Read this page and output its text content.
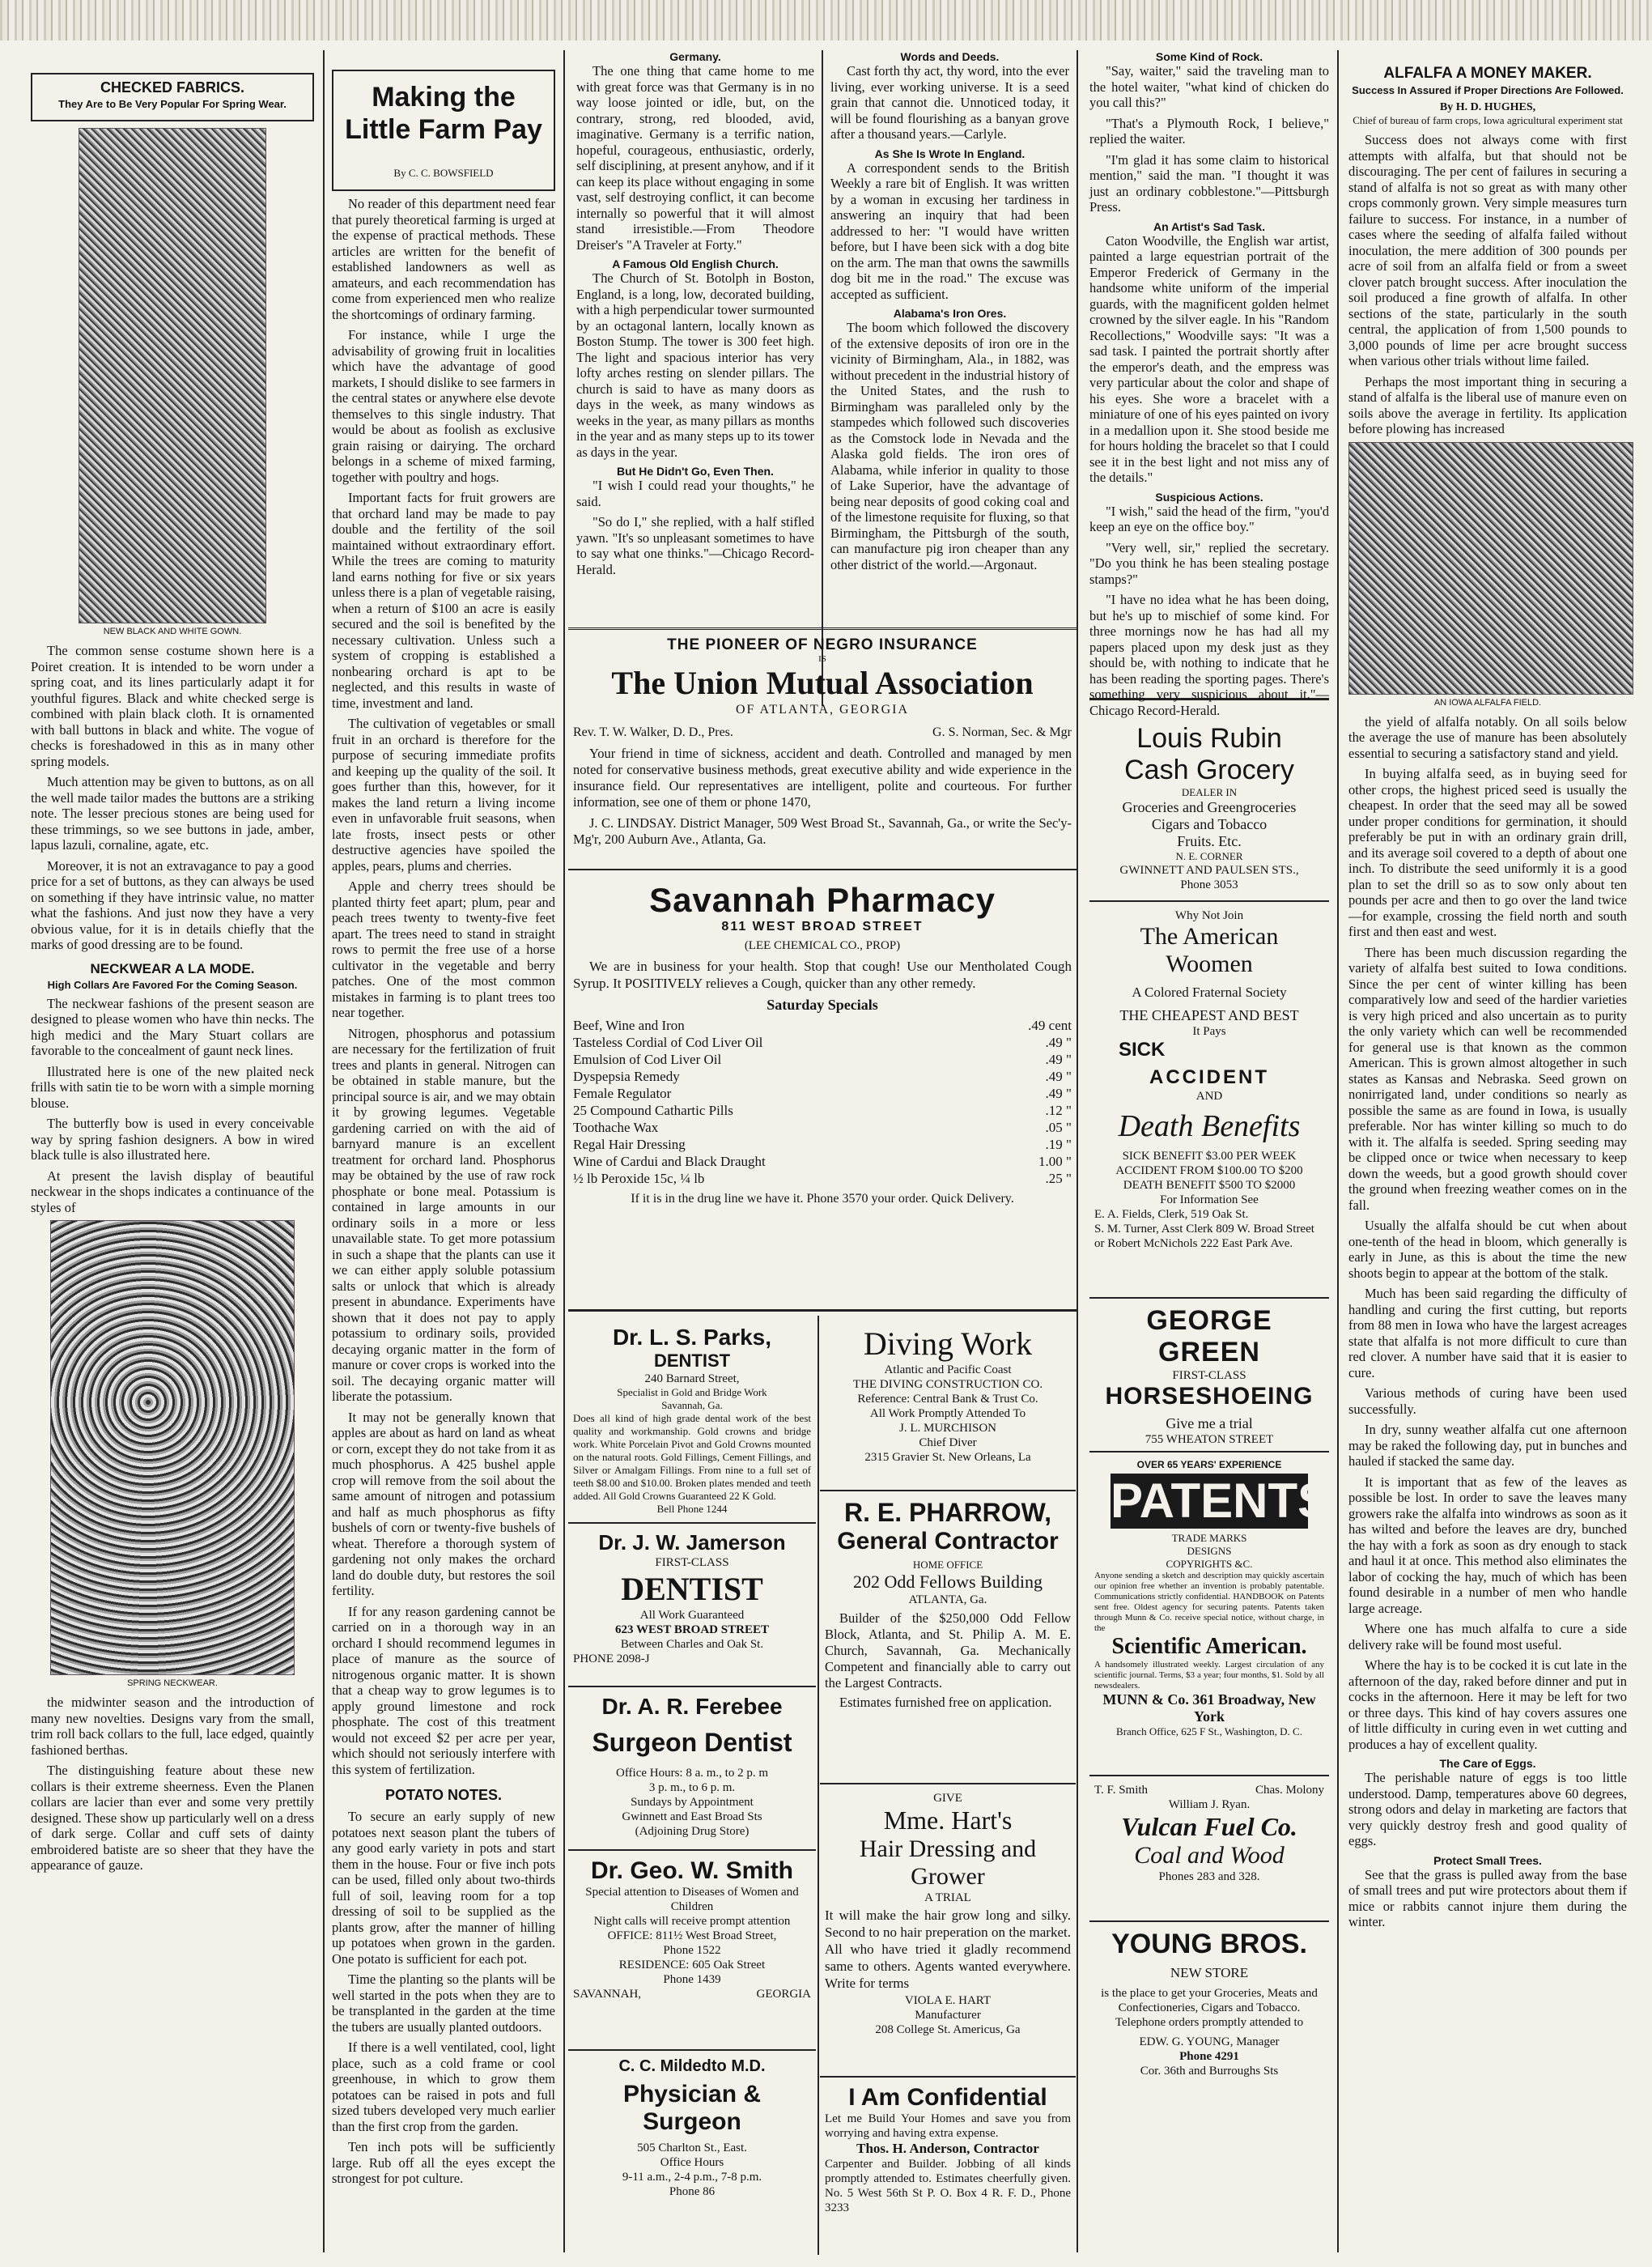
CHECKED FABRICS.
They Are to Be Very Popular For Spring Wear.
NEW BLACK AND WHITE GOWN.

The common sense costume shown here is a Poiret creation. It is intended to be worn under a spring coat, and its lines particularly adapt it for youthful figures. Black and white checked serge is combined with plain black cloth. It is ornamented with ball buttons in black and white. The vogue of checks is foreshadowed in this as in many other spring models.

Much attention may be given to buttons, as on all the well made tailor mades the buttons are a striking note. The lesser precious stones are being used for these trimmings, so we see buttons in jade, amber, lapus lazuli, cornaline, agate, etc.

Moreover, it is not an extravagance to pay a good price for a set of buttons, as they can always be used on something if they have intrinsic value, no matter what the fashions. And just now they have a very obvious value, for it is in details chiefly that the marks of good dressing are to be found.

NECKWEAR A LA MODE.
High Collars Are Favored For the Coming Season.

The neckwear fashions of the present season are designed to please women who have thin necks. The high medici and the Mary Stuart collars are favorable to the concealment of gaunt neck lines.

Illustrated here is one of the new plaited neck frills with satin tie to be worn with a simple morning blouse.

The butterfly bow is used in every conceivable way by spring fashion designers. A bow in wired black tulle is also illustrated here.

At present the lavish display of beautiful neckwear in the shops indicates a continuance of the styles of

SPRING NECKWEAR.

the midwinter season and the introduction of many new novelties. Designs vary from the small, trim roll back collars to the full, lace edged, quaintly fashioned berthas.

The distinguishing feature about these new collars is their extreme sheerness. Even the Planen collars are lacier than ever and some very prettily designed. These show up particularly well on a dress of dark serge. Collar and cuff sets of dainty embroidered batiste are so sheer that they have the appearance of gauze.

Making the Little Farm Pay
By C. C. BOWSFIELD

No reader of this department need fear that purely theoretical farming is urged at the expense of practical methods. These articles are written for the benefit of established landowners as well as amateurs, and each recommendation has come from experienced men who realize the shortcomings of ordinary farming.

For instance, while I urge the advisability of growing fruit in localities which have the advantage of good markets, I should dislike to see farmers in the central states or anywhere else devote themselves to this single industry. That would be about as foolish as exclusive grain raising or dairying. The orchard belongs in a scheme of mixed farming, together with poultry and hogs.

Important facts for fruit growers are that orchard land may be made to pay double and the fertility of the soil maintained without extraordinary effort. While the trees are coming to maturity land earns nothing for five or six years unless there is a plan of vegetable raising, when a return of $100 an acre is easily secured and the soil is benefited by the necessary cultivation. Unless such a system of cropping is established a nonbearing orchard is apt to be neglected, and this results in waste of time, investment and land.

The cultivation of vegetables or small fruit in an orchard is therefore for the purpose of securing immediate profits and keeping up the quality of the soil. It goes further than this, however, for it makes the land return a living income even in unfavorable fruit seasons, when late frosts, insect pests or other destructive agencies have spoiled the apples, pears, plums and cherries.

Apple and cherry trees should be planted thirty feet apart; plum, pear and peach trees twenty to twenty-five feet apart. The trees need to stand in straight rows to permit the free use of a horse cultivator in the vegetable and berry patches. One of the most common mistakes in farming is to plant trees too near together.

Nitrogen, phosphorus and potassium are necessary for the fertilization of fruit trees and plants in general. Nitrogen can be obtained in stable manure, but the principal source is air, and we may obtain it by growing legumes. Vegetable gardening carried on with the aid of barnyard manure is an excellent treatment for orchard land. Phosphorus may be obtained by the use of raw rock phosphate or bone meal. Potassium is contained in large amounts in our ordinary soils in a more or less unavailable state. To get more potassium in such a shape that the plants can use it we can either apply soluble potassium salts or unlock that which is already present in abundance. Experiments have shown that it does not pay to apply potassium to ordinary soils, provided decaying organic matter in the form of manure or cover crops is worked into the soil. The decaying organic matter will liberate the potassium.

It may not be generally known that apples are about as hard on land as wheat or corn, except they do not take from it as much phosphorus. A 425 bushel apple crop will remove from the soil about the same amount of nitrogen and potassium and half as much phosphorus as fifty bushels of corn or twenty-five bushels of wheat. Therefore a thorough system of gardening not only makes the orchard land do double duty, but restores the soil fertility.

If for any reason gardening cannot be carried on in a thorough way in an orchard I should recommend legumes in place of manure as the source of nitrogenous organic matter. It is shown that a cheap way to grow legumes is to apply ground limestone and rock phosphate. The cost of this treatment would not exceed $2 per acre per year, which should not seriously interfere with this system of fertilization.

POTATO NOTES.

To secure an early supply of new potatoes next season plant the tubers of any good early variety in pots and start them in the house. Four or five inch pots can be used, filled only about two-thirds full of soil, leaving room for a top dressing of soil to be supplied as the plants grow, after the manner of hilling up potatoes when grown in the garden. One potato is sufficient for each pot.

Time the planting so the plants will be well started in the pots when they are to be transplanted in the garden at the time the tubers are usually planted outdoors.

If there is a well ventilated, cool, light place, such as a cold frame or cool greenhouse, in which to grow them potatoes can be raised in pots and full sized tubers developed very much earlier than the first crop from the garden.

Ten inch pots will be sufficiently large. Rub off all the eyes except the strongest for pot culture.

Germany.

The one thing that came home to me with great force was that Germany is in no way loose jointed or idle, but, on the contrary, strong, red blooded, avid, imaginative. Germany is a terrific nation, hopeful, courageous, enthusiastic, orderly, self disciplining, at present anyhow, and if it can keep its place without engaging in some vast, self destroying conflict, it can become internally so powerful that it will almost stand irresistible.—From Theodore Dreiser's "A Traveler at Forty."

A Famous Old English Church.

The Church of St. Botolph in Boston, England, is a long, low, decorated building, with a high perpendicular tower surmounted by an octagonal lantern, locally known as Boston Stump. The tower is 300 feet high. The light and spacious interior has very lofty arches resting on slender pillars. The church is said to have as many doors as days in the week, as many windows as weeks in the year, as many pillars as months in the year and as many steps up to its tower as days in the year.

But He Didn't Go, Even Then.

"I wish I could read your thoughts," he said.

"So do I," she replied, with a half stifled yawn. "It's so unpleasant sometimes to have to say what one thinks."—Chicago Record-Herald.

Words and Deeds.

Cast forth thy act, thy word, into the ever living, ever working universe. It is a seed grain that cannot die. Unnoticed today, it will be found flourishing as a banyan grove after a thousand years.—Carlyle.

As She Is Wrote In England.

A correspondent sends to the British Weekly a rare bit of English. It was written by a woman in excusing her tardiness in answering an inquiry that had been addressed to her: "I would have written before, but I have been sick with a dog bite on the arm. The man that owns the sawmills dog bit me in the road." The excuse was accepted as sufficient.

Alabama's Iron Ores.

The boom which followed the discovery of the extensive deposits of iron ore in the vicinity of Birmingham, Ala., in 1882, was without precedent in the industrial history of the United States, and the rush to Birmingham was paralleled only by the stampedes which followed such discoveries as the Comstock lode in Nevada and the Alaska gold fields. The iron ores of Alabama, while inferior in quality to those of Lake Superior, have the advantage of being near deposits of good coking coal and of the limestone requisite for fluxing, so that Birmingham, the Pittsburgh of the south, can manufacture pig iron cheaper than any other district of the world.—Argonaut.

THE PIONEER OF NEGRO INSURANCE
IS
The Union Mutual Association
OF ATLANTA, GEORGIA
Rev. T. W. Walker, D. D., Pres.	G. S. Norman, Sec. & Mgr

Your friend in time of sickness, accident and death. Controlled and managed by men noted for conservative business methods, great executive ability and wide experience in the insurance field. Our representatives are intelligent, polite and courteous. For further information, see one of them or phone 1470,

J. C. LINDSAY. District Manager, 509 West Broad St., Savannah, Ga., or write the Sec'y-Mg'r, 200 Auburn Ave., Atlanta, Ga.

Savannah Pharmacy
811 WEST BROAD STREET
(LEE CHEMICAL CO., PROP)

We are in business for your health. Stop that cough! Use our Mentholated Cough Syrup. It POSITIVELY relieves a Cough, quicker than any other remedy.

Saturday Specials
Beef, Wine and Iron	.49 cent
Tasteless Cordial of Cod Liver Oil	.49 "
Emulsion of Cod Liver Oil	.49 "
Dyspepsia Remedy	.49 "
Female Regulator	.49 "
25 Compound Cathartic Pills	.12 "
Toothache Wax	.05 "
Regal Hair Dressing	.19 "
Wine of Cardui and Black Draught	1.00 "
½ lb Peroxide 15c, ¼ lb	.25 "
If it is in the drug line we have it. Phone 3570 your order. Quick Delivery.
Dr. L. S. Parks,
DENTIST
240 Barnard Street,
Specialist in Gold and Bridge Work
Savannah, Ga.
Does all kind of high grade dental work of the best quality and workmanship. Gold crowns and bridge work. White Porcelain Pivot and Gold Crowns mounted on the natural roots. Gold Fillings, Cement Fillings, and Silver or Amalgam Fillings. From nine to a full set of teeth $8.00 and $10.00. Broken plates mended and teeth added. All Gold Crowns Guaranteed 22 K Gold.
Bell Phone 1244
Dr. J. W. Jamerson
FIRST-CLASS
DENTIST
All Work Guaranteed
623 WEST BROAD STREET
Between Charles and Oak St.
PHONE 2098-J
Dr. A. R. Ferebee
Surgeon Dentist
Office Hours: 8 a. m., to 2 p. m
3 p. m., to 6 p. m.
Sundays by Appointment
Gwinnett and East Broad Sts
(Adjoining Drug Store)
Dr. Geo. W. Smith
Special attention to Diseases of Women and Children
Night calls will receive prompt attention
OFFICE: 811½ West Broad Street,
Phone 1522
RESIDENCE: 605 Oak Street
Phone 1439
SAVANNAH,	GEORGIA
C. C. Mildedto M.D.
Physician & Surgeon
505 Charlton St., East.
Office Hours
9-11 a.m., 2-4 p.m., 7-8 p.m.
Phone 86
Diving Work
Atlantic and Pacific Coast
THE DIVING CONSTRUCTION CO.
Reference: Central Bank & Trust Co.
All Work Promptly Attended To
J. L. MURCHISON
Chief Diver
2315 Gravier St. New Orleans, La
R. E. PHARROW,
General Contractor
HOME OFFICE
202 Odd Fellows Building
ATLANTA, Ga.

Builder of the $250,000 Odd Fellow Block, Atlanta, and St. Philip A. M. E. Church, Savannah, Ga. Mechanically Competent and financially able to carry out the Largest Contracts.

Estimates furnished free on application.

GIVE
Mme. Hart's
Hair Dressing and Grower
A TRIAL

It will make the hair grow long and silky. Second to no hair preperation on the market. All who have tried it gladly recommend same to others. Agents wanted everywhere. Write for terms

VIOLA E. HART
Manufacturer
208 College St. Americus, Ga
I Am Confidential
Let me Build Your Homes and save you from worrying and having extra expense.
Thos. H. Anderson, Contractor
Carpenter and Builder. Jobbing of all kinds promptly attended to. Estimates cheerfully given. No. 5 West 56th St P. O. Box 4 R. F. D., Phone 3233
Some Kind of Rock.

"Say, waiter," said the traveling man to the hotel waiter, "what kind of chicken do you call this?"

"That's a Plymouth Rock, I believe," replied the waiter.

"I'm glad it has some claim to historical mention," said the man. "I thought it was just an ordinary cobblestone."—Pittsburgh Press.

An Artist's Sad Task.

Caton Woodville, the English war artist, painted a large equestrian portrait of the Emperor Frederick of Germany in the handsome white uniform of the imperial guards, with the magnificent golden helmet crowned by the silver eagle. In his "Random Recollections," Woodville says: "It was a sad task. I painted the portrait shortly after the emperor's death, and the empress was very particular about the color and shape of his eyes. She wore a bracelet with a miniature of one of his eyes painted on ivory in a medallion upon it. She stood beside me for hours holding the bracelet so that I could see it in the best light and not miss any of the details."

Suspicious Actions.

"I wish," said the head of the firm, "you'd keep an eye on the office boy."

"Very well, sir," replied the secretary. "Do you think he has been stealing postage stamps?"

"I have no idea what he has been doing, but he's up to mischief of some kind. For three mornings now he has had all my papers placed upon my desk just as they should be, with nothing to indicate that he has been reading the sporting pages. There's something very suspicious about it."—Chicago Record-Herald.

Louis Rubin
Cash Grocery
DEALER IN
Groceries and Greengroceries
Cigars and Tobacco
Fruits. Etc.
N. E. CORNER
GWINNETT AND PAULSEN STS.,
Phone 3053
Why Not Join
The American Woomen
A Colored Fraternal Society
THE CHEAPEST AND BEST
It Pays
SICK
ACCIDENT
AND
Death Benefits
SICK BENEFIT $3.00 PER WEEK
ACCIDENT FROM $100.00 TO $200
DEATH BENEFIT $500 TO $2000
For Information See
E. A. Fields, Clerk, 519 Oak St.
S. M. Turner, Asst Clerk 809 W. Broad Street or Robert McNichols 222 East Park Ave.
GEORGE GREEN
FIRST-CLASS
HORSESHOEING
Give me a trial
755 WHEATON STREET
OVER 65 YEARS' EXPERIENCE
PATENTS
TRADE MARKS
DESIGNS
COPYRIGHTS &C.
Anyone sending a sketch and description may quickly ascertain our opinion free whether an invention is probably patentable. Communications strictly confidential. HANDBOOK on Patents sent free. Oldest agency for securing patents. Patents taken through Munn & Co. receive special notice, without charge, in the
Scientific American.
A handsomely illustrated weekly. Largest circulation of any scientific journal. Terms, $3 a year; four months, $1. Sold by all newsdealers.
MUNN & Co. 361 Broadway, New York
Branch Office, 625 F St., Washington, D. C.
T. F. Smith	Chas. Molony
William J. Ryan.
Vulcan Fuel Co.
Coal and Wood
Phones 283 and 328.
YOUNG BROS.
NEW STORE
is the place to get your Groceries, Meats and Confectioneries, Cigars and Tobacco. Telephone orders promptly attended to
EDW. G. YOUNG, Manager
Phone 4291
Cor. 36th and Burroughs Sts
ALFALFA A MONEY MAKER.
Success In Assured if Proper Directions Are Followed.
By H. D. HUGHES,
Chief of bureau of farm crops, Iowa agricultural experiment stat

Success does not always come with first attempts with alfalfa, but that should not be discouraging. The per cent of failures in securing a stand of alfalfa is not so great as with many other crops commonly grown. Very simple measures turn failure to success. For instance, in a number of cases where the seeding of alfalfa failed without inoculation, the mere addition of 300 pounds per acre of soil from an alfalfa field or from a sweet clover patch brought success. After inoculation the soil produced a fine growth of alfalfa. In other sections of the state, particularly in the south central, the application of from 1,500 pounds to 3,000 pounds of lime per acre brought success when various other trials without lime failed.

Perhaps the most important thing in securing a stand of alfalfa is the liberal use of manure even on soils above the average in fertility. Its application before plowing has increased

AN IOWA ALFALFA FIELD.

the yield of alfalfa notably. On all soils below the average the use of manure has been absolutely essential to securing a satisfactory stand and yield.

In buying alfalfa seed, as in buying seed for other crops, the highest priced seed is usually the cheapest. In order that the seed may all be sowed under proper conditions for germination, it should preferably be put in with an ordinary grain drill, and its average soil covered to a depth of about one inch. To distribute the seed uniformly it is a good plan to set the drill so as to sow only about ten pounds per acre and then to go over the land twice—for example, crossing the field north and south first and then east and west.

There has been much discussion regarding the variety of alfalfa best suited to Iowa conditions. Since the per cent of winter killing has been comparatively low and seed of the hardier varieties is very high priced and also uncertain as to purity the only variety which can well be recommended for general use is that known as the common American. This is grown almost altogether in such states as Kansas and Nebraska. Seed grown on nonirrigated land, under conditions so nearly as possible the same as are found in Iowa, is usually preferable. Nor has winter killing so much to do with it. The alfalfa is seeded. Spring seeding may be clipped once or twice when necessary to keep down the weeds, but a good growth should cover the ground when freezing weather comes on in the fall.

Usually the alfalfa should be cut when about one-tenth of the head in bloom, which generally is early in June, as this is about the time the new shoots begin to appear at the bottom of the stalk.

Much has been said regarding the difficulty of handling and curing the first cutting, but reports from 88 men in Iowa who have the largest acreages state that alfalfa is not more difficult to cure than red clover. A number have said that it is easier to cure.

Various methods of curing have been used successfully.

In dry, sunny weather alfalfa cut one afternoon may be raked the following day, put in bunches and hauled if stacked the same day.

It is important that as few of the leaves as possible be lost. In order to save the leaves many growers rake the alfalfa into windrows as soon as it has wilted and before the leaves are dry, bunched the hay with a fork as soon as dry enough to stack and haul it at once. This method also eliminates the labor of cocking the hay, much of which has been found desirable in a number of men who handle large acreage.

Where one has much alfalfa to cure a side delivery rake will be found most useful.

Where the hay is to be cocked it is cut late in the afternoon of the day, raked before dinner and put in cocks in the afternoon. Here it may be left for two or three days. This kind of hay covers assures one of little difficulty in curing even in wet cutting and produces a hay of excellent quality.

The Care of Eggs.

The perishable nature of eggs is too little understood. Damp, temperatures above 60 degrees, strong odors and delay in marketing are factors that very quickly destroy fresh and good quality of eggs.

Protect Small Trees.

See that the grass is pulled away from the base of small trees and put wire protectors about them if mice or rabbits cannot injure them during the winter.
